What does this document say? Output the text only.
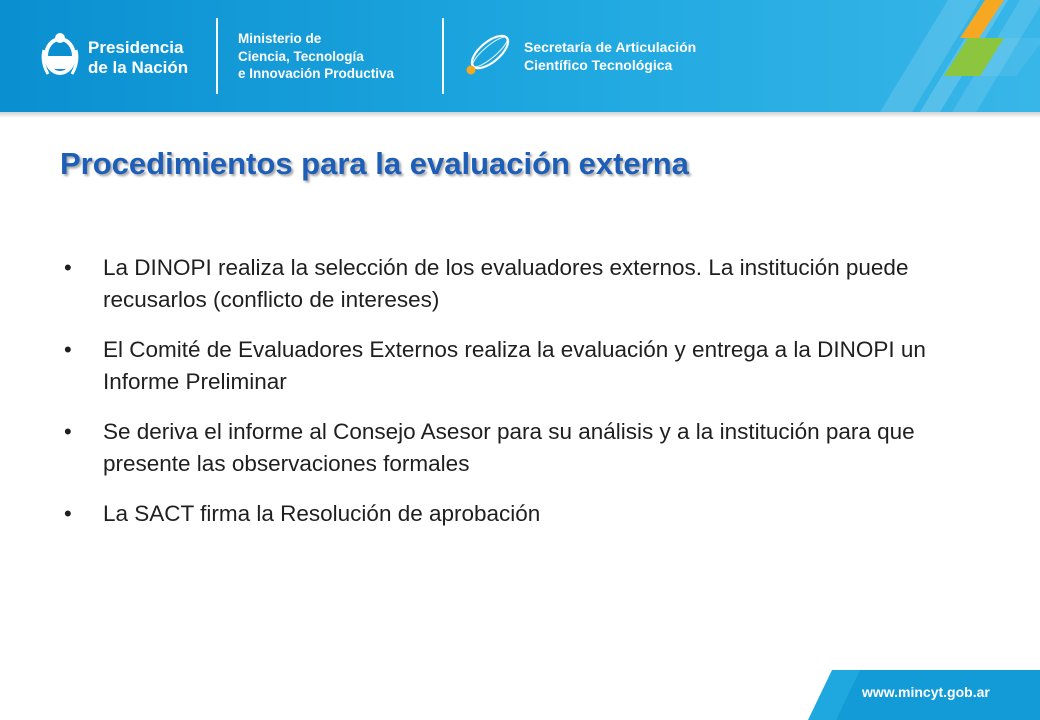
Presidencia
de la Nación
Ministerio de
Ciencia, Tecnología
e Innovación Productiva
Secretaría de Articulación
Científico Tecnológica
Procedimientos para la evaluación externa
• La DINOPI realiza la selección de los evaluadores externos. La institución puede recusarlos (conflicto de intereses)
• El Comité de Evaluadores Externos realiza la evaluación y entrega a la DINOPI un Informe Preliminar
• Se deriva el informe al Consejo Asesor para su análisis y a la institución para que presente las observaciones formales
• La SACT firma la Resolución de aprobación
www.mincyt.gob.ar
